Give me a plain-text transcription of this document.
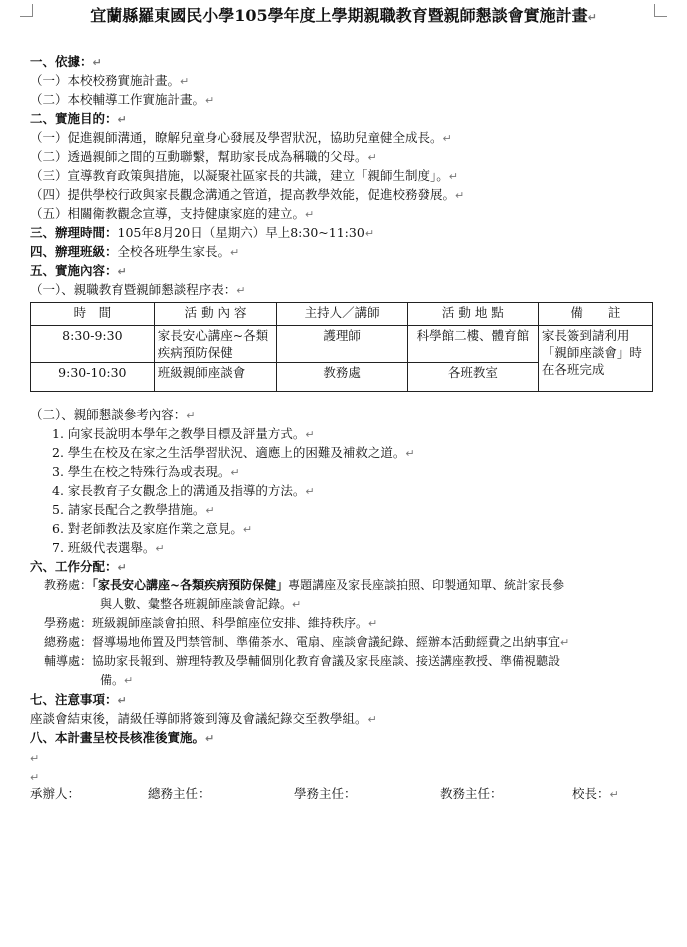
宜蘭縣羅東國民小學105學年度上學期親職教育暨親師懇談會實施計畫↵
一、依據：↵
（一）本校校務實施計畫。↵
（二）本校輔導工作實施計畫。↵
二、實施目的：↵
（一）促進親師溝通，瞭解兒童身心發展及學習狀況，協助兒童健全成長。↵
（二）透過親師之間的互動聯繫，幫助家長成為稱職的父母。↵
（三）宣導教育政策與措施，以凝聚社區家長的共識，建立「親師生制度」。↵
（四）提供學校行政與家長觀念溝通之管道，提高教學效能，促進校務發展。↵
（五）相關衛教觀念宣導，支持健康家庭的建立。↵
三、辦理時間：105年8月20日（星期六）早上8:30~11:30↵
四、辦理班級：全校各班學生家長。↵
五、實施內容：↵
（一）、親職教育暨親師懇談程序表：↵
時　間	活 動 內 容	主持人／講師	活 動 地 點	備　　註
8:30-9:30	家長安心講座~各類疾病預防保健	護理師	科學館二樓、體育館	家長簽到請利用「親師座談會」時在各班完成
9:30-10:30	班級親師座談會	教務處	各班教室	
（二）、親師懇談參考內容：↵
1. 向家長說明本學年之教學目標及評量方式。↵
2. 學生在校及在家之生活學習狀況、適應上的困難及補救之道。↵
3. 學生在校之特殊行為或表現。↵
4. 家長教育子女觀念上的溝通及指導的方法。↵
5. 請家長配合之教學措施。↵
6. 對老師教法及家庭作業之意見。↵
7. 班級代表選舉。↵
六、工作分配：↵
教務處：「家長安心講座~各類疾病預防保健」專題講座及家長座談拍照、印製通知單、統計家長參
與人數、彙整各班親師座談會記錄。↵
學務處：班級親師座談會拍照、科學館座位安排、維持秩序。↵
總務處：督導場地佈置及門禁管制、準備茶水、電扇、座談會議紀錄、經辦本活動經費之出納事宜↵
輔導處：協助家長報到、辦理特教及學輔個別化教育會議及家長座談、接送講座教授、準備視聽設
備。↵
七、注意事項：↵
座談會結束後，請級任導師將簽到簿及會議紀錄交至教學組。↵
八、本計畫呈校長核准後實施。↵
↵
↵
承辦人：	總務主任：	學務主任：	教務主任：	校長：↵
